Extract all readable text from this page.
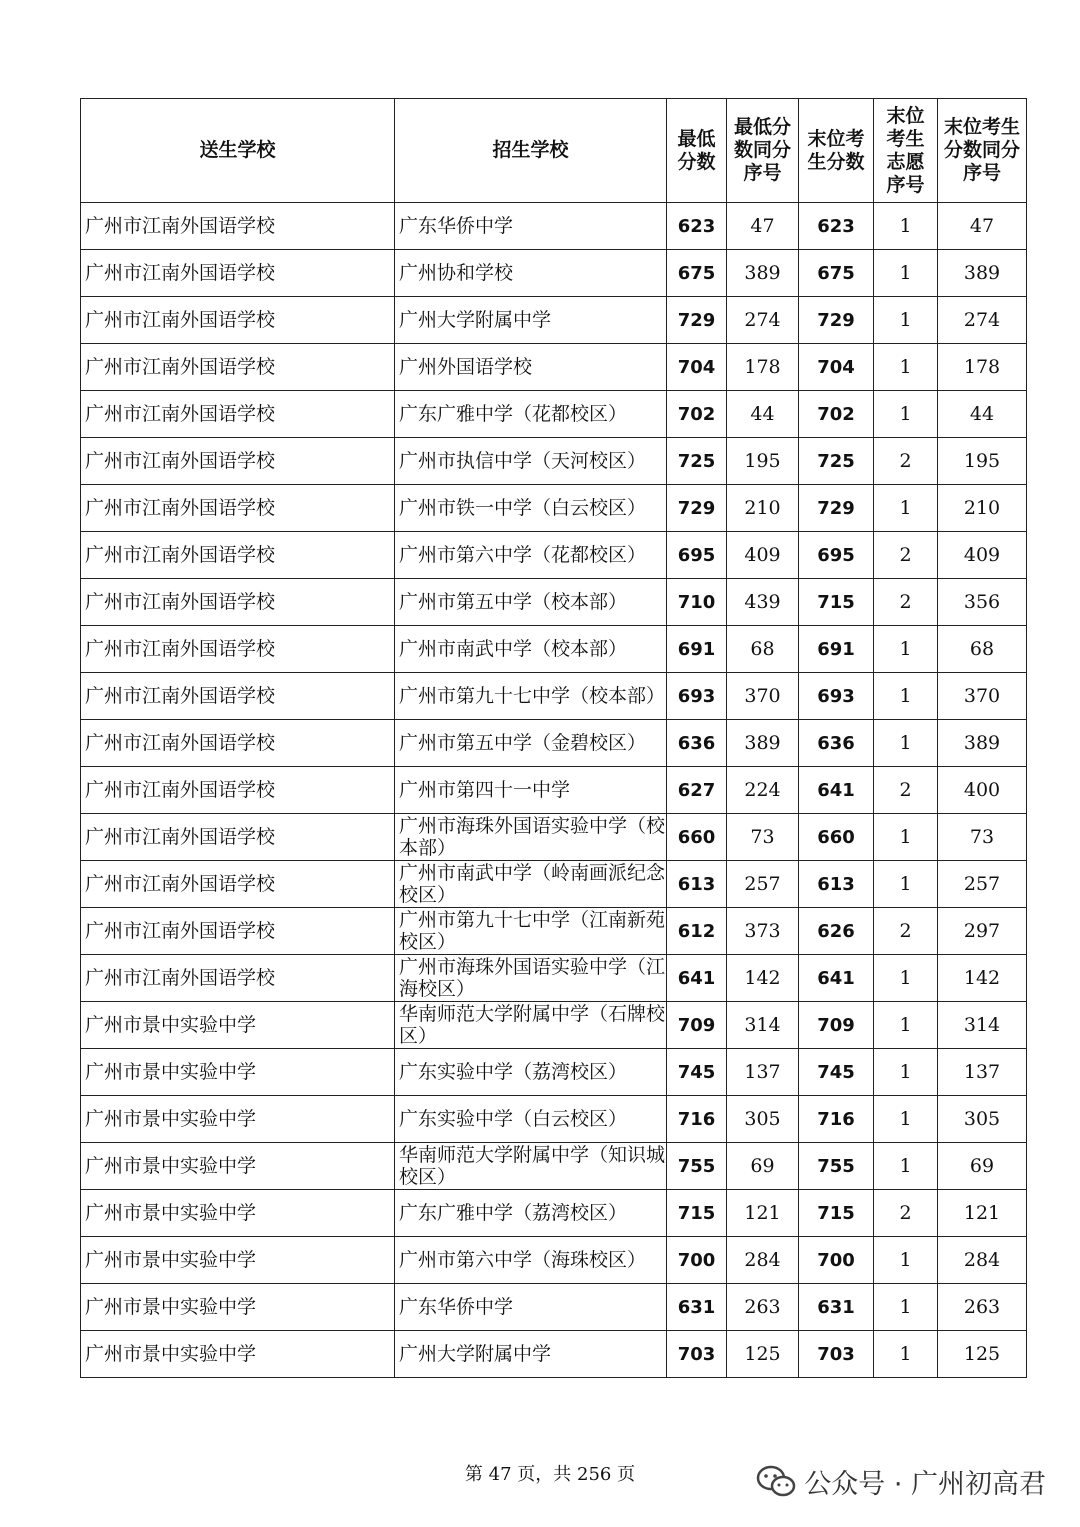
送生学校	招生学校	最低分数	最低分数同分序号	末位考生分数	末位考生志愿序号	末位考生分数同分序号
广州市江南外国语学校	广东华侨中学	623	47	623	1	47
广州市江南外国语学校	广州协和学校	675	389	675	1	389
广州市江南外国语学校	广州大学附属中学	729	274	729	1	274
广州市江南外国语学校	广州外国语学校	704	178	704	1	178
广州市江南外国语学校	广东广雅中学（花都校区）	702	44	702	1	44
广州市江南外国语学校	广州市执信中学（天河校区）	725	195	725	2	195
广州市江南外国语学校	广州市铁一中学（白云校区）	729	210	729	1	210
广州市江南外国语学校	广州市第六中学（花都校区）	695	409	695	2	409
广州市江南外国语学校	广州市第五中学（校本部）	710	439	715	2	356
广州市江南外国语学校	广州市南武中学（校本部）	691	68	691	1	68
广州市江南外国语学校	广州市第九十七中学（校本部）	693	370	693	1	370
广州市江南外国语学校	广州市第五中学（金碧校区）	636	389	636	1	389
广州市江南外国语学校	广州市第四十一中学	627	224	641	2	400
广州市江南外国语学校	广州市海珠外国语实验中学（校本部）	660	73	660	1	73
广州市江南外国语学校	广州市南武中学（岭南画派纪念校区）	613	257	613	1	257
广州市江南外国语学校	广州市第九十七中学（江南新苑校区）	612	373	626	2	297
广州市江南外国语学校	广州市海珠外国语实验中学（江海校区）	641	142	641	1	142
广州市景中实验中学	华南师范大学附属中学（石牌校区）	709	314	709	1	314
广州市景中实验中学	广东实验中学（荔湾校区）	745	137	745	1	137
广州市景中实验中学	广东实验中学（白云校区）	716	305	716	1	305
广州市景中实验中学	华南师范大学附属中学（知识城校区）	755	69	755	1	69
广州市景中实验中学	广东广雅中学（荔湾校区）	715	121	715	2	121
广州市景中实验中学	广州市第六中学（海珠校区）	700	284	700	1	284
广州市景中实验中学	广东华侨中学	631	263	631	1	263
广州市景中实验中学	广州大学附属中学	703	125	703	1	125
第 47 页，共 256 页	公众号 · 广州初高君
